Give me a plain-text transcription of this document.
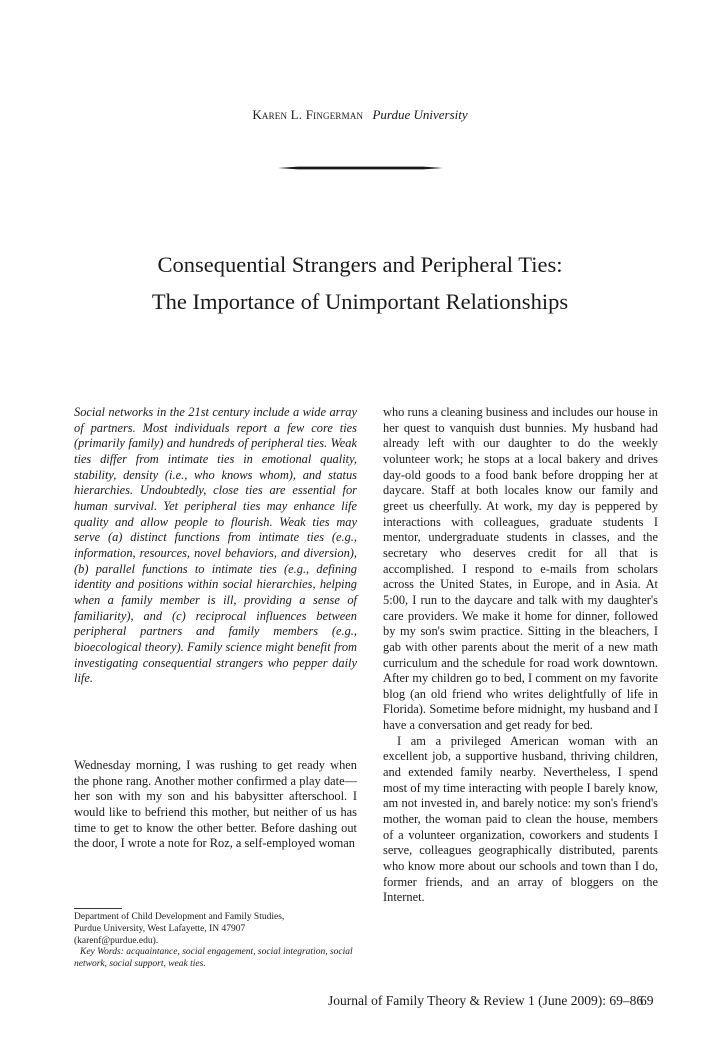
Karen L. Fingerman Purdue University
Consequential Strangers and Peripheral Ties:
The Importance of Unimportant Relationships
Social networks in the 21st century include a wide array of partners. Most individuals report a few core ties (primarily family) and hundreds of peripheral ties. Weak ties differ from intimate ties in emotional quality, stability, density (i.e., who knows whom), and status hierarchies. Undoubtedly, close ties are essential for human survival. Yet peripheral ties may enhance life quality and allow people to flourish. Weak ties may serve (a) distinct functions from intimate ties (e.g., information, resources, novel behaviors, and diversion), (b) parallel functions to intimate ties (e.g., defining identity and positions within social hierarchies, helping when a family member is ill, providing a sense of familiarity), and (c) reciprocal influences between peripheral partners and family members (e.g., bioecological theory). Family science might benefit from investigating consequential strangers who pepper daily life.
Wednesday morning, I was rushing to get ready when the phone rang. Another mother confirmed a play date—her son with my son and his babysitter afterschool. I would like to befriend this mother, but neither of us has time to get to know the other better. Before dashing out the door, I wrote a note for Roz, a self-employed woman

who runs a cleaning business and includes our house in her quest to vanquish dust bunnies. My husband had already left with our daughter to do the weekly volunteer work; he stops at a local bakery and drives day-old goods to a food bank before dropping her at daycare. Staff at both locales know our family and greet us cheerfully. At work, my day is peppered by interactions with colleagues, graduate students I mentor, undergraduate students in classes, and the secretary who deserves credit for all that is accomplished. I respond to e-mails from scholars across the United States, in Europe, and in Asia. At 5:00, I run to the daycare and talk with my daughter's care providers. We make it home for dinner, followed by my son's swim practice. Sitting in the bleachers, I gab with other parents about the merit of a new math curriculum and the schedule for road work downtown. After my children go to bed, I comment on my favorite blog (an old friend who writes delightfully of life in Florida). Sometime before midnight, my husband and I have a conversation and get ready for bed.

I am a privileged American woman with an excellent job, a supportive husband, thriving children, and extended family nearby. Nevertheless, I spend most of my time interacting with people I barely know, am not invested in, and barely notice: my son's friend's mother, the woman paid to clean the house, members of a volunteer organization, coworkers and students I serve, colleagues geographically distributed, parents who know more about our schools and town than I do, former friends, and an array of bloggers on the Internet.

Department of Child Development and Family Studies,
Purdue University, West Lafayette, IN 47907
(karenf@purdue.edu).
Key Words: acquaintance, social engagement, social integration, social network, social support, weak ties.
Journal of Family Theory & Review 1 (June 2009): 69–86
69
